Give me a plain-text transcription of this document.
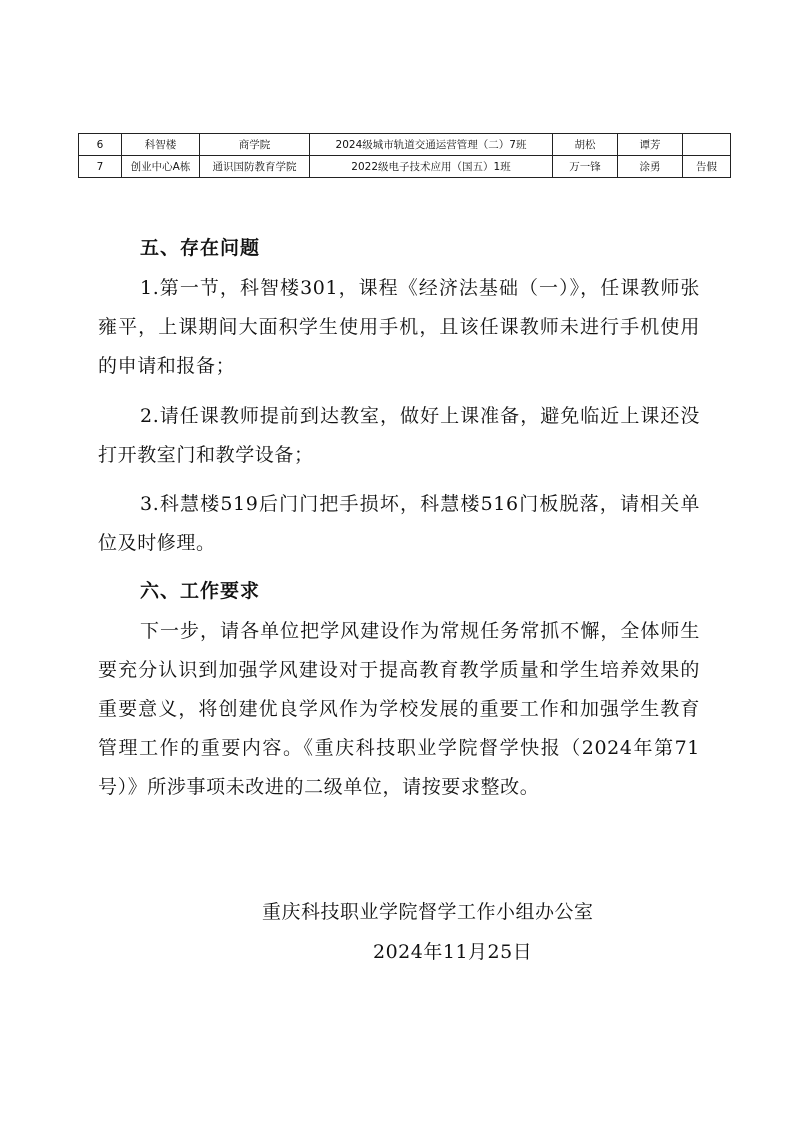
6	科智楼	商学院	2024级城市轨道交通运营管理（二）7班	胡松	谭芳	
7	创业中心A栋	通识国防教育学院	2022级电子技术应用（国五）1班	万一锋	涂勇	告假
五、存在问题

1.第一节，科智楼301，课程《经济法基础（一）》，任课教师张雍平，上课期间大面积学生使用手机，且该任课教师未进行手机使用的申请和报备；

2.请任课教师提前到达教室，做好上课准备，避免临近上课还没打开教室门和教学设备；

3.科慧楼519后门门把手损坏，科慧楼516门板脱落，请相关单位及时修理。

六、工作要求

下一步，请各单位把学风建设作为常规任务常抓不懈，全体师生要充分认识到加强学风建设对于提高教育教学质量和学生培养效果的重要意义，将创建优良学风作为学校发展的重要工作和加强学生教育管理工作的重要内容。《重庆科技职业学院督学快报（2024年第71号）》所涉事项未改进的二级单位，请按要求整改。

重庆科技职业学院督学工作小组办公室
2024年11月25日
